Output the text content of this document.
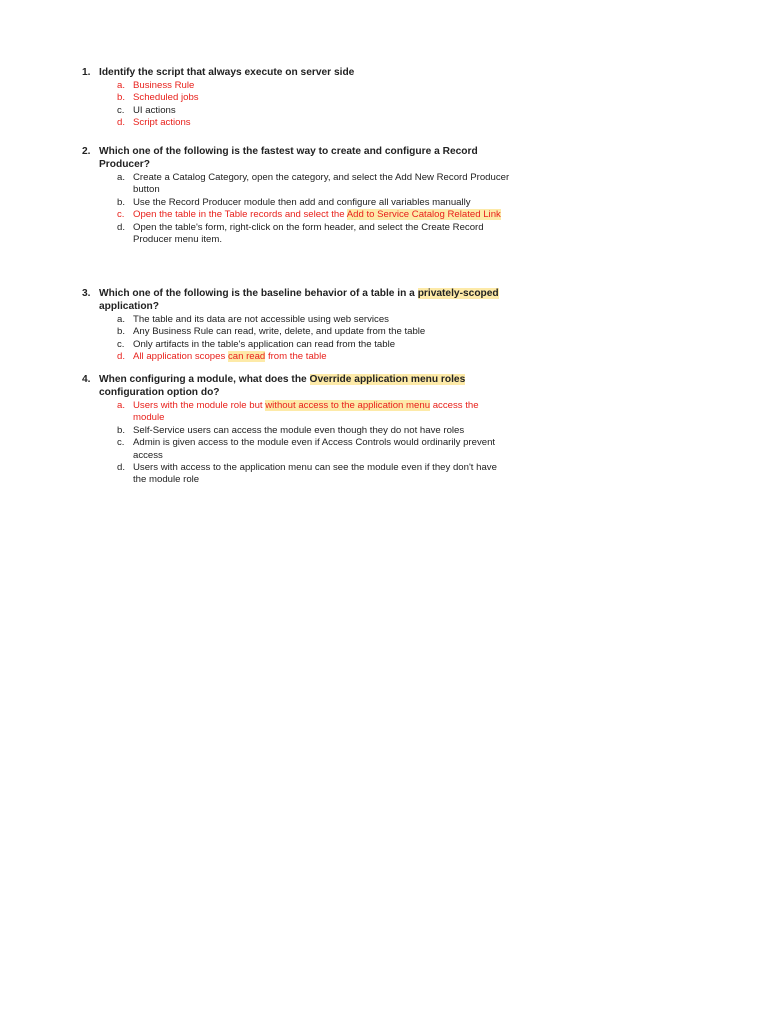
1. Identify the script that always execute on server side

a. Business Rule
b. Scheduled jobs
c. UI actions
d. Script actions

2. Which one of the following is the fastest way to create and configure a Record Producer?

a. Create a Catalog Category, open the category, and select the Add New Record Producer button
b. Use the Record Producer module then add and configure all variables manually
c. Open the table in the Table records and select the Add to Service Catalog Related Link
d. Open the table's form, right-click on the form header, and select the Create Record Producer menu item.

3. Which one of the following is the baseline behavior of a table in a privately-scoped application?

a. The table and its data are not accessible using web services
b. Any Business Rule can read, write, delete, and update from the table
c. Only artifacts in the table's application can read from the table
d. All application scopes can read from the table

4. When configuring a module, what does the Override application menu roles configuration option do?

a. Users with the module role but without access to the application menu access the module
b. Self-Service users can access the module even though they do not have roles
c. Admin is given access to the module even if Access Controls would ordinarily prevent access
d. Users with access to the application menu can see the module even if they don't have the module role
